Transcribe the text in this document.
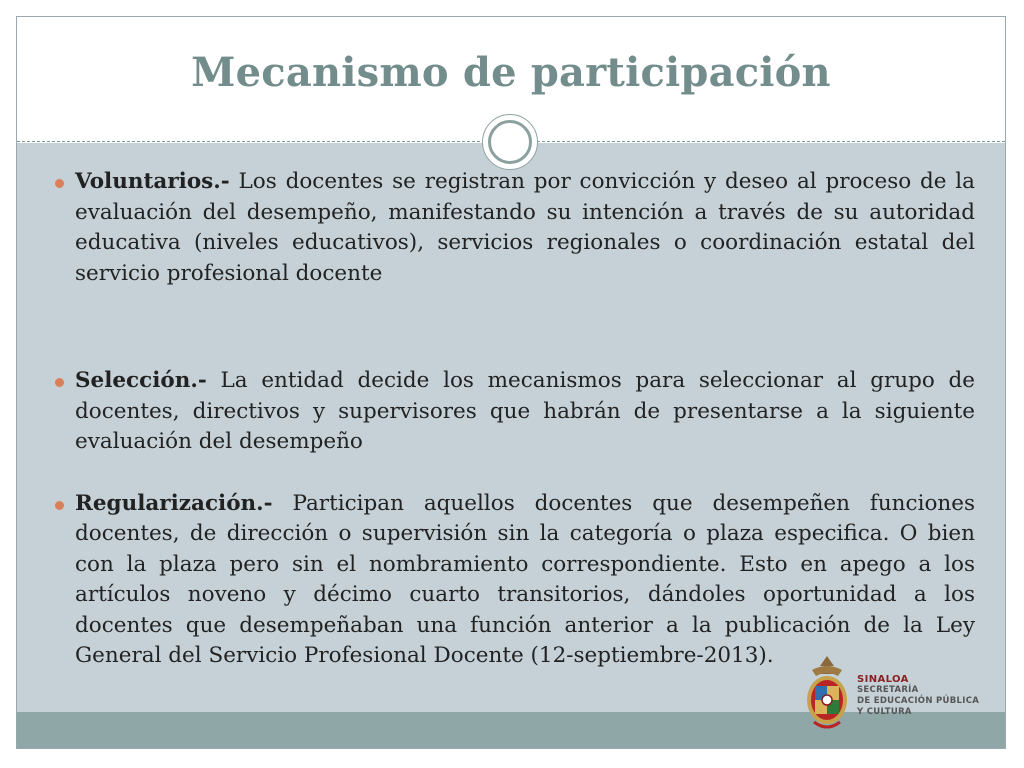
Mecanismo de participación
Voluntarios.- Los docentes se registran por convicción y deseo al proceso de la evaluación del desempeño, manifestando su intención a través de su autoridad educativa (niveles educativos), servicios regionales o coordinación estatal del servicio profesional docente
Selección.- La entidad decide los mecanismos para seleccionar al grupo de docentes, directivos y supervisores que habrán de presentarse a la siguiente evaluación del desempeño
Regularización.- Participan aquellos docentes que desempeñen funciones docentes, de dirección o supervisión sin la categoría o plaza especifica. O bien con la plaza pero sin el nombramiento correspondiente. Esto en apego a los artículos noveno y décimo cuarto transitorios, dándoles oportunidad a los docentes que desempeñaban una función anterior a la publicación de la Ley General del Servicio Profesional Docente (12-septiembre-2013).
SINALOA
SECRETARÍA
DE EDUCACIÓN PÚBLICA
Y CULTURA
